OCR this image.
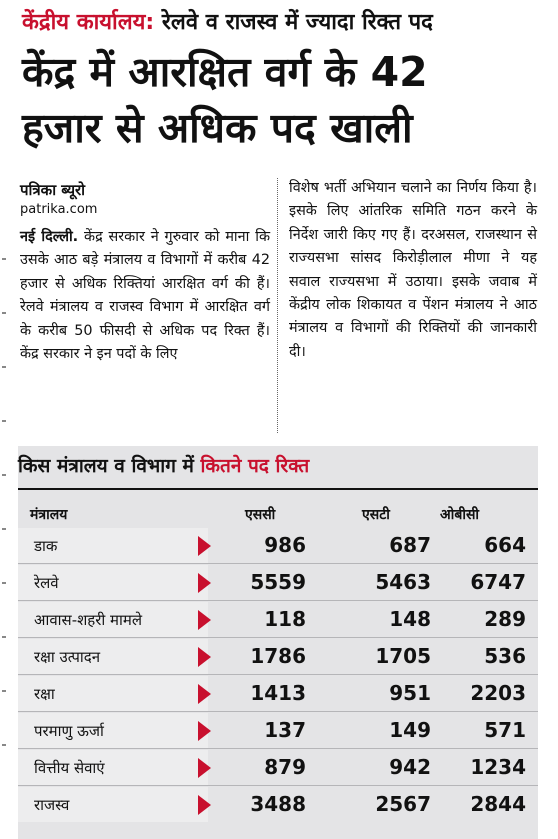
केंद्रीय कार्यालय: रेलवे व राजस्व में ज्यादा रिक्त पद
केंद्र में आरक्षित वर्ग के 42
हजार से अधिक पद खाली
पत्रिका ब्यूरो
patrika.com
नई दिल्ली. केंद्र सरकार ने गुरुवार को माना कि उसके आठ बड़े मंत्रालय व विभागों में करीब 42 हजार से अधिक रिक्तियां आरक्षित वर्ग की हैं। रेलवे मंत्रालय व राजस्व विभाग में आरक्षित वर्ग के करीब 50 फीसदी से अधिक पद रिक्त हैं। केंद्र सरकार ने इन पदों के लिए
विशेष भर्ती अभियान चलाने का निर्णय किया है। इसके लिए आंतरिक समिति गठन करने के निर्देश जारी किए गए हैं। दरअसल, राजस्थान से राज्यसभा सांसद किरोड़ीलाल मीणा ने यह सवाल राज्यसभा में उठाया। इसके जवाब में केंद्रीय लोक शिकायत व पेंशन मंत्रालय ने आठ मंत्रालय व विभागों की रिक्तियों की जानकारी दी।
किस मंत्रालय व विभाग में कितने पद रिक्त
मंत्रालय	एससी	एसटी	ओबीसी
डाक	986	687	664
रेलवे	5559	5463	6747
आवास-शहरी मामले	118	148	289
रक्षा उत्पादन	1786	1705	536
रक्षा	1413	951	2203
परमाणु ऊर्जा	137	149	571
वित्तीय सेवाएं	879	942	1234
राजस्व	3488	2567	2844
